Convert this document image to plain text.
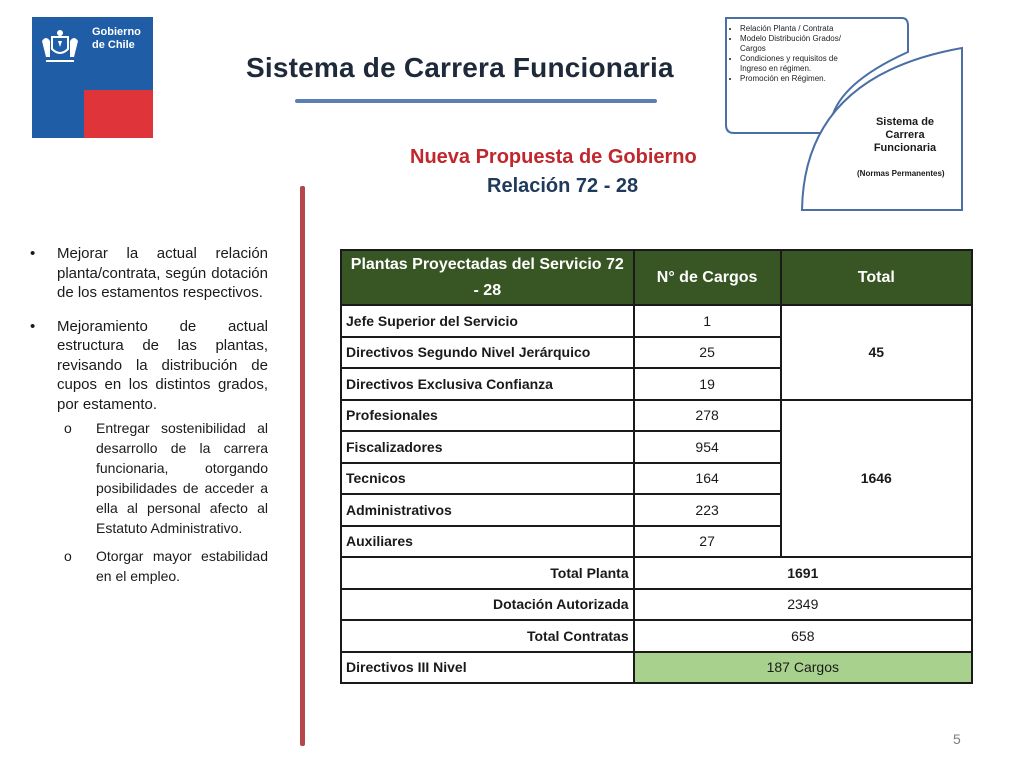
Gobierno
de Chile
Sistema de Carrera Funcionaria
Nueva Propuesta de Gobierno
Relación 72 - 28
• Relación Planta / Contrata
• Modelo Distribución Grados/ Cargos
• Condiciones y requisitos de Ingreso en régimen.
• Promoción en Régimen.
Sistema de Carrera Funcionaria
(Normas Permanentes)
• Mejorar la actual relación planta/contrata, según dotación de los estamentos respectivos.
• Mejoramiento de actual estructura de las plantas, revisando la distribución de cupos en los distintos grados, por estamento.
o Entregar sostenibilidad al desarrollo de la carrera funcionaria, otorgando posibilidades de acceder a ella al personal afecto al Estatuto Administrativo.
o Otorgar mayor estabilidad en el empleo.
Plantas Proyectadas del Servicio 72 - 28	N° de Cargos	Total
Jefe Superior del Servicio	1	45
Directivos Segundo Nivel Jerárquico	25	
Directivos Exclusiva Confianza	19	
Profesionales	278	1646
Fiscalizadores	954	
Tecnicos	164	
Administrativos	223	
Auxiliares	27	
Total Planta	1691	
Dotación Autorizada	2349	
Total Contratas	658	
Directivos III Nivel	187 Cargos	
5
